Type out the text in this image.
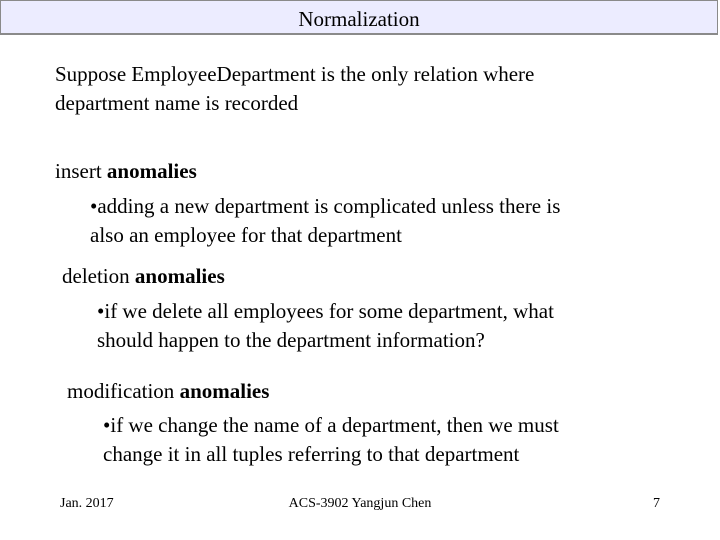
Normalization
Suppose EmployeeDepartment is the only relation where
department name is recorded
insert anomalies
•adding a new department is complicated unless there is
also an employee for that department
deletion anomalies
•if we delete all employees for some department, what
should happen to the department information?
modification anomalies
•if we change the name of a department, then we must
change it in all tuples referring to that department
Jan. 2017	ACS-3902 Yangjun Chen	7
